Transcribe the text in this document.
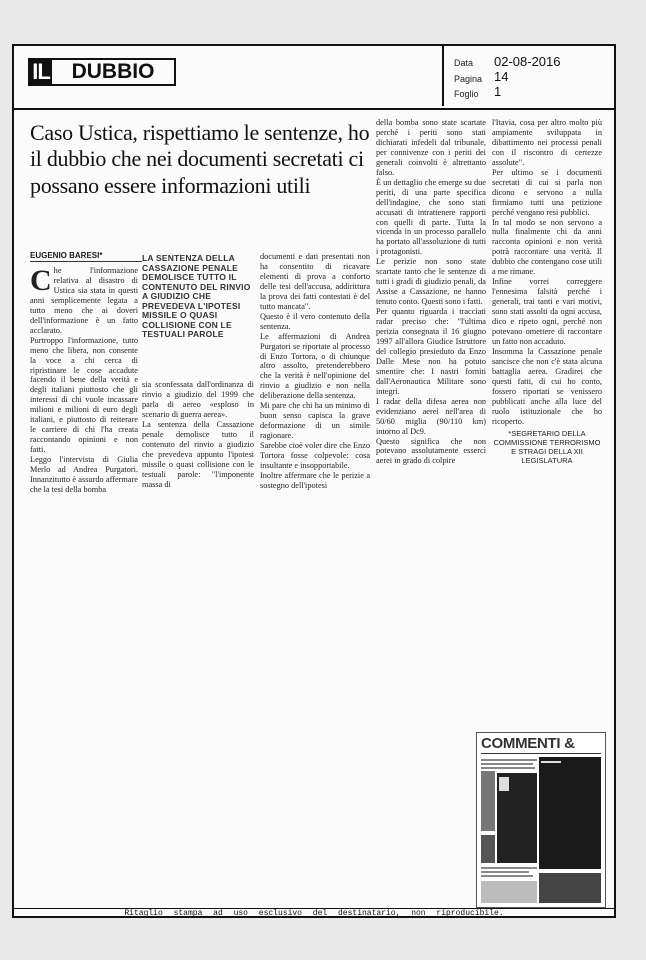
IL	DUBBIO	Data 02-08-2016
Pagina 14
Foglio 1
Caso Ustica, rispettiamo le sentenze, ho il dubbio che nei documenti secretati ci possano essere informazioni utili
EUGENIO BARESI*	LA SENTENZA DELLA CASSAZIONE PENALE DEMOLISCE TUTTO IL CONTENUTO DEL RINVIO A GIUDIZIO CHE PREVEDEVA L'IPOTESI MISSILE O QUASI COLLISIONE CON LE TESTUALI PAROLE

Che l'informazione relativa al disastro di Ustica sia stata in questi anni semplicemente legata a tutto meno che ai doveri dell'informazione è un fatto acclarato.

Purtroppo l'informazione, tutto meno che libera, non consente la voce a chi cerca di ripristinare le cose accadute facendo il bene della verità e degli italiani piuttosto che gli interessi di chi vuole incassare milioni e milioni di euro degli italiani, e piuttosto di reiterare le carriere di chi l'ha creata raccontando opinioni e non fatti.

Leggo l'intervista di Giulia Merlo ad Andrea Purgatori. Innanzitutto è assurdo affermare che la tesi della bomba

sia sconfessata dall'ordinanza di rinvio a giudizio del 1999 che parla di aereo «esploso in scenario di guerra aerea».

La sentenza della Cassazione penale demolisce tutto il contenuto del rinvio a giudizio che prevedeva appunto l'ipotesi missile o quasi collisione con le testuali parole: "l'imponente massa di

documenti e dati presentati non ha consentito di ricavare elementi di prova a conforto delle tesi dell'accusa, addirittura la prova dei fatti contestati è del tutto mancata".

Questo è il vero contenuto della sentenza.

Le affermazioni di Andrea Purgatori se riportate al processo di Enzo Tortora, o di chiunque altro assolto, pretenderebbero che la verità è nell'opinione del rinvio a giudizio e non nella deliberazione della sentenza.

Mi pare che chi ha un minimo di buon senso capisca la grave deformazione di un simile ragionare.

Sarebbe cioè voler dire che Enzo Tortora fosse colpevole: cosa insultante e insopportabile.

Inoltre affermare che le perizie a sostegno dell'ipotesi

della bomba sono state scartate perché i periti sono stati dichiarati infedeli dal tribunale, per connivenze con i periti dei generali coinvolti è altrettanto falso.

È un dettaglio che emerge su due periti, di una parte specifica dell'indagine, che sono stati accusati di intrattenere rapporti con quelli di parte. Tutta la vicenda in un processo parallelo ha portato all'assoluzione di tutti i protagonisti.

Le perizie non sono state scartate tanto che le sentenze di tutti i gradi di giudizio penali, da Assise a Cassazione, ne hanno tenuto conto. Questi sono i fatti.

Per quanto riguarda i tracciati radar preciso che: "l'ultima perizia consegnata il 16 giugno 1997 all'allora Giudice Istruttore del collegio presieduto da Enzo Dalle Mese non ha potuto smentire che: I nastri forniti dall'Aeronautica Militare sono integri.

I radar della difesa aerea non evidenziano aerei nell'area di 50/60 miglia (90/110 km) intorno al Dc9.

Questo significa che non potevano assolutamente essercì aerei in grado di colpire

l'Itavia, cosa per altro molto più ampiamente sviluppata in dibattimento nei processi penali con il riscontro di certezze assolute".

Per ultimo se i documenti secretati di cui si parla non dicono e servono a nulla firmiamo tutti una petizione perché vengano resi pubblici.

In tal modo se non servono a nulla finalmente chi da anni racconta opinioni e non verità potrà raccontare una verità. Il dubbio che contengano cose utili a me rimane.

Infine vorrei correggere l'ennesima falsità perché i generali, trai tanti e vari motivi, sono stati assolti da ogni accusa, dico e ripeto ogni, perché non potevano omettere di raccontare un fatto non accaduto.

Insomma la Cassazione penale sancisce che non c'è stata alcuna battaglia aerea. Gradirei che questi fatti, di cui ho conto, fossero riportati se venissero pubblicati anche alla luce del ruolo istituzionale che ho ricoperto.

*SEGRETARIO DELLA COMMISSIONE TERRORISMO E STRAGI DELLA XII LEGISLATURA

COMMENTI &
Ritaglio stampa ad uso esclusivo del destinatario, non riproducibile.
